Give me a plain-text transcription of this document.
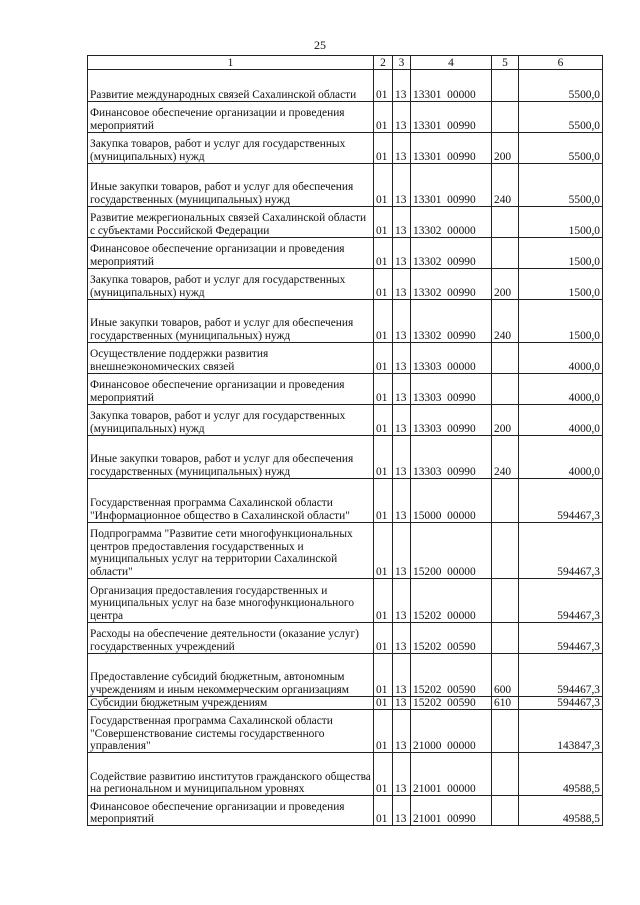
25
1	2	3	4	5	6
Развитие международных связей Сахалинской области	01	13	13301  00000		5500,0
Финансовое обеспечение организации и проведения мероприятий	01	13	13301  00990		5500,0
Закупка товаров, работ и услуг для государственных (муниципальных) нужд	01	13	13301  00990	200	5500,0
Иные закупки товаров, работ и услуг для обеспечения государственных (муниципальных) нужд	01	13	13301  00990	240	5500,0
Развитие межрегиональных связей Сахалинской области с субъектами Российской Федерации	01	13	13302  00000		1500,0
Финансовое обеспечение организации и проведения мероприятий	01	13	13302  00990		1500,0
Закупка товаров, работ и услуг для государственных (муниципальных) нужд	01	13	13302  00990	200	1500,0
Иные закупки товаров, работ и услуг для обеспечения государственных (муниципальных) нужд	01	13	13302  00990	240	1500,0
Осуществление поддержки развития внешнеэкономических связей	01	13	13303  00000		4000,0
Финансовое обеспечение организации и проведения мероприятий	01	13	13303  00990		4000,0
Закупка товаров, работ и услуг для государственных (муниципальных) нужд	01	13	13303  00990	200	4000,0
Иные закупки товаров, работ и услуг для обеспечения государственных (муниципальных) нужд	01	13	13303  00990	240	4000,0
Государственная программа Сахалинской области "Информационное общество в Сахалинской области"	01	13	15000  00000		594467,3
Подпрограмма "Развитие сети многофункциональных центров предоставления государственных и муниципальных услуг на территории Сахалинской области"	01	13	15200  00000		594467,3
Организация предоставления государственных и муниципальных услуг на базе многофункционального центра	01	13	15202  00000		594467,3
Расходы на обеспечение деятельности (оказание услуг) государственных учреждений	01	13	15202  00590		594467,3
Предоставление субсидий бюджетным, автономным учреждениям и иным некоммерческим организациям	01	13	15202  00590	600	594467,3
Субсидии бюджетным учреждениям	01	13	15202  00590	610	594467,3
Государственная программа Сахалинской области "Совершенствование системы государственного управления"	01	13	21000  00000		143847,3
Содействие развитию институтов гражданского общества на региональном и муниципальном уровнях	01	13	21001  00000		49588,5
Финансовое обеспечение организации и проведения мероприятий	01	13	21001  00990		49588,5
